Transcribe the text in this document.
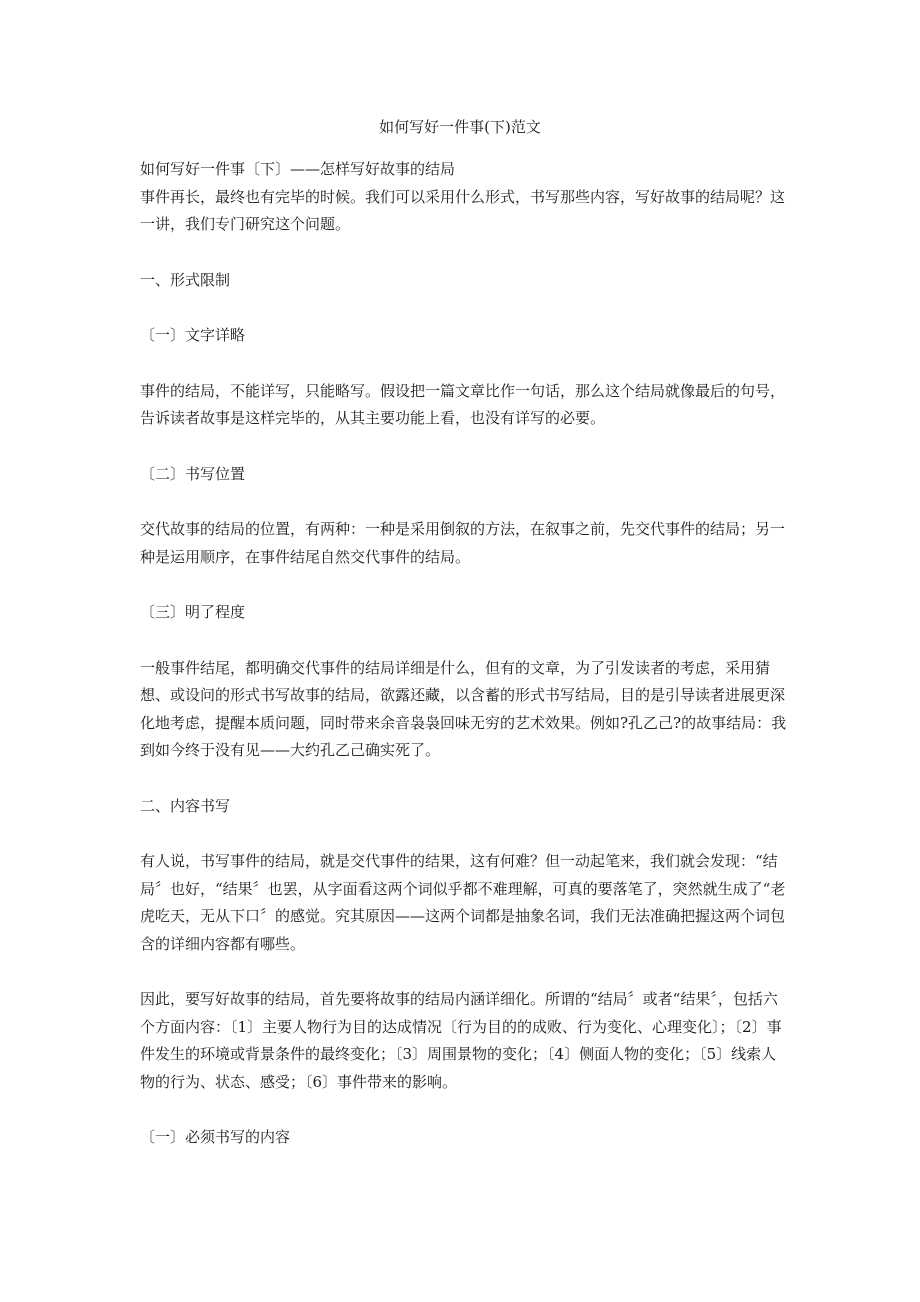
如何写好一件事(下)范文

如何写好一件事〔下〕——怎样写好故事的结局

事件再长，最终也有完毕的时候。我们可以采用什么形式，书写那些内容，写好故事的结局呢？这一讲，我们专门研究这个问题。

一、形式限制

〔一〕文字详略

事件的结局，不能详写，只能略写。假设把一篇文章比作一句话，那么这个结局就像最后的句号，告诉读者故事是这样完毕的，从其主要功能上看，也没有详写的必要。

〔二〕书写位置

交代故事的结局的位置，有两种：一种是采用倒叙的方法，在叙事之前，先交代事件的结局；另一种是运用顺序，在事件结尾自然交代事件的结局。

〔三〕明了程度

一般事件结尾，都明确交代事件的结局详细是什么，但有的文章，为了引发读者的考虑，采用猜想、或设问的形式书写故事的结局，欲露还藏，以含蓄的形式书写结局，目的是引导读者进展更深化地考虑，提醒本质问题，同时带来余音袅袅回味无穷的艺术效果。例如?孔乙己?的故事结局：我到如今终于没有见——大约孔乙己确实死了。

二、内容书写

有人说，书写事件的结局，就是交代事件的结果，这有何难？但一动起笔来，我们就会发现：“结局〞也好，“结果〞也罢，从字面看这两个词似乎都不难理解，可真的要落笔了，突然就生成了“老虎吃天，无从下口〞的感觉。究其原因——这两个词都是抽象名词，我们无法准确把握这两个词包含的详细内容都有哪些。

因此，要写好故事的结局，首先要将故事的结局内涵详细化。所谓的“结局〞或者“结果〞，包括六个方面内容：〔1〕主要人物行为目的达成情况〔行为目的的成败、行为变化、心理变化〕；〔2〕事件发生的环境或背景条件的最终变化；〔3〕周围景物的变化；〔4〕侧面人物的变化；〔5〕线索人物的行为、状态、感受；〔6〕事件带来的影响。

〔一〕必须书写的内容
